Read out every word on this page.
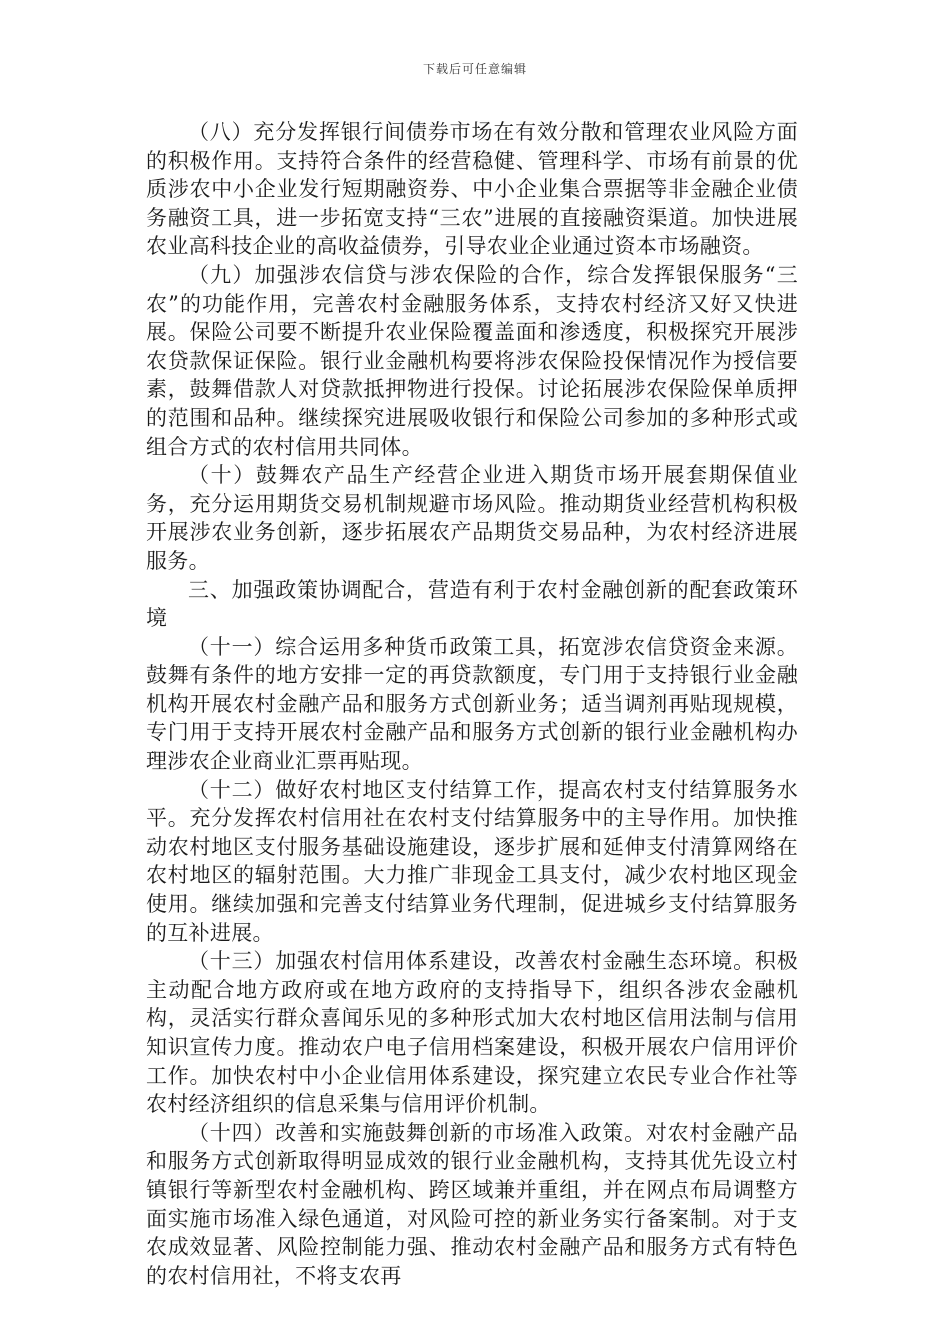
下载后可任意编辑

（八）充分发挥银行间债券市场在有效分散和管理农业风险方面的积极作用。支持符合条件的经营稳健、管理科学、市场有前景的优质涉农中小企业发行短期融资券、中小企业集合票据等非金融企业债务融资工具，进一步拓宽支持“三农”进展的直接融资渠道。加快进展农业高科技企业的高收益债券，引导农业企业通过资本市场融资。

（九）加强涉农信贷与涉农保险的合作，综合发挥银保服务“三农”的功能作用，完善农村金融服务体系，支持农村经济又好又快进展。保险公司要不断提升农业保险覆盖面和渗透度，积极探究开展涉农贷款保证保险。银行业金融机构要将涉农保险投保情况作为授信要素，鼓舞借款人对贷款抵押物进行投保。讨论拓展涉农保险保单质押的范围和品种。继续探究进展吸收银行和保险公司参加的多种形式或组合方式的农村信用共同体。

（十）鼓舞农产品生产经营企业进入期货市场开展套期保值业务，充分运用期货交易机制规避市场风险。推动期货业经营机构积极开展涉农业务创新，逐步拓展农产品期货交易品种，为农村经济进展服务。

三、加强政策协调配合，营造有利于农村金融创新的配套政策环境

（十一）综合运用多种货币政策工具，拓宽涉农信贷资金来源。鼓舞有条件的地方安排一定的再贷款额度，专门用于支持银行业金融机构开展农村金融产品和服务方式创新业务；适当调剂再贴现规模，专门用于支持开展农村金融产品和服务方式创新的银行业金融机构办理涉农企业商业汇票再贴现。

（十二）做好农村地区支付结算工作，提高农村支付结算服务水平。充分发挥农村信用社在农村支付结算服务中的主导作用。加快推动农村地区支付服务基础设施建设，逐步扩展和延伸支付清算网络在农村地区的辐射范围。大力推广非现金工具支付，减少农村地区现金使用。继续加强和完善支付结算业务代理制，促进城乡支付结算服务的互补进展。

（十三）加强农村信用体系建设，改善农村金融生态环境。积极主动配合地方政府或在地方政府的支持指导下，组织各涉农金融机构，灵活实行群众喜闻乐见的多种形式加大农村地区信用法制与信用知识宣传力度。推动农户电子信用档案建设，积极开展农户信用评价工作。加快农村中小企业信用体系建设，探究建立农民专业合作社等农村经济组织的信息采集与信用评价机制。

（十四）改善和实施鼓舞创新的市场准入政策。对农村金融产品和服务方式创新取得明显成效的银行业金融机构，支持其优先设立村镇银行等新型农村金融机构、跨区域兼并重组，并在网点布局调整方面实施市场准入绿色通道，对风险可控的新业务实行备案制。对于支农成效显著、风险控制能力强、推动农村金融产品和服务方式有特色的农村信用社，不将支农再
